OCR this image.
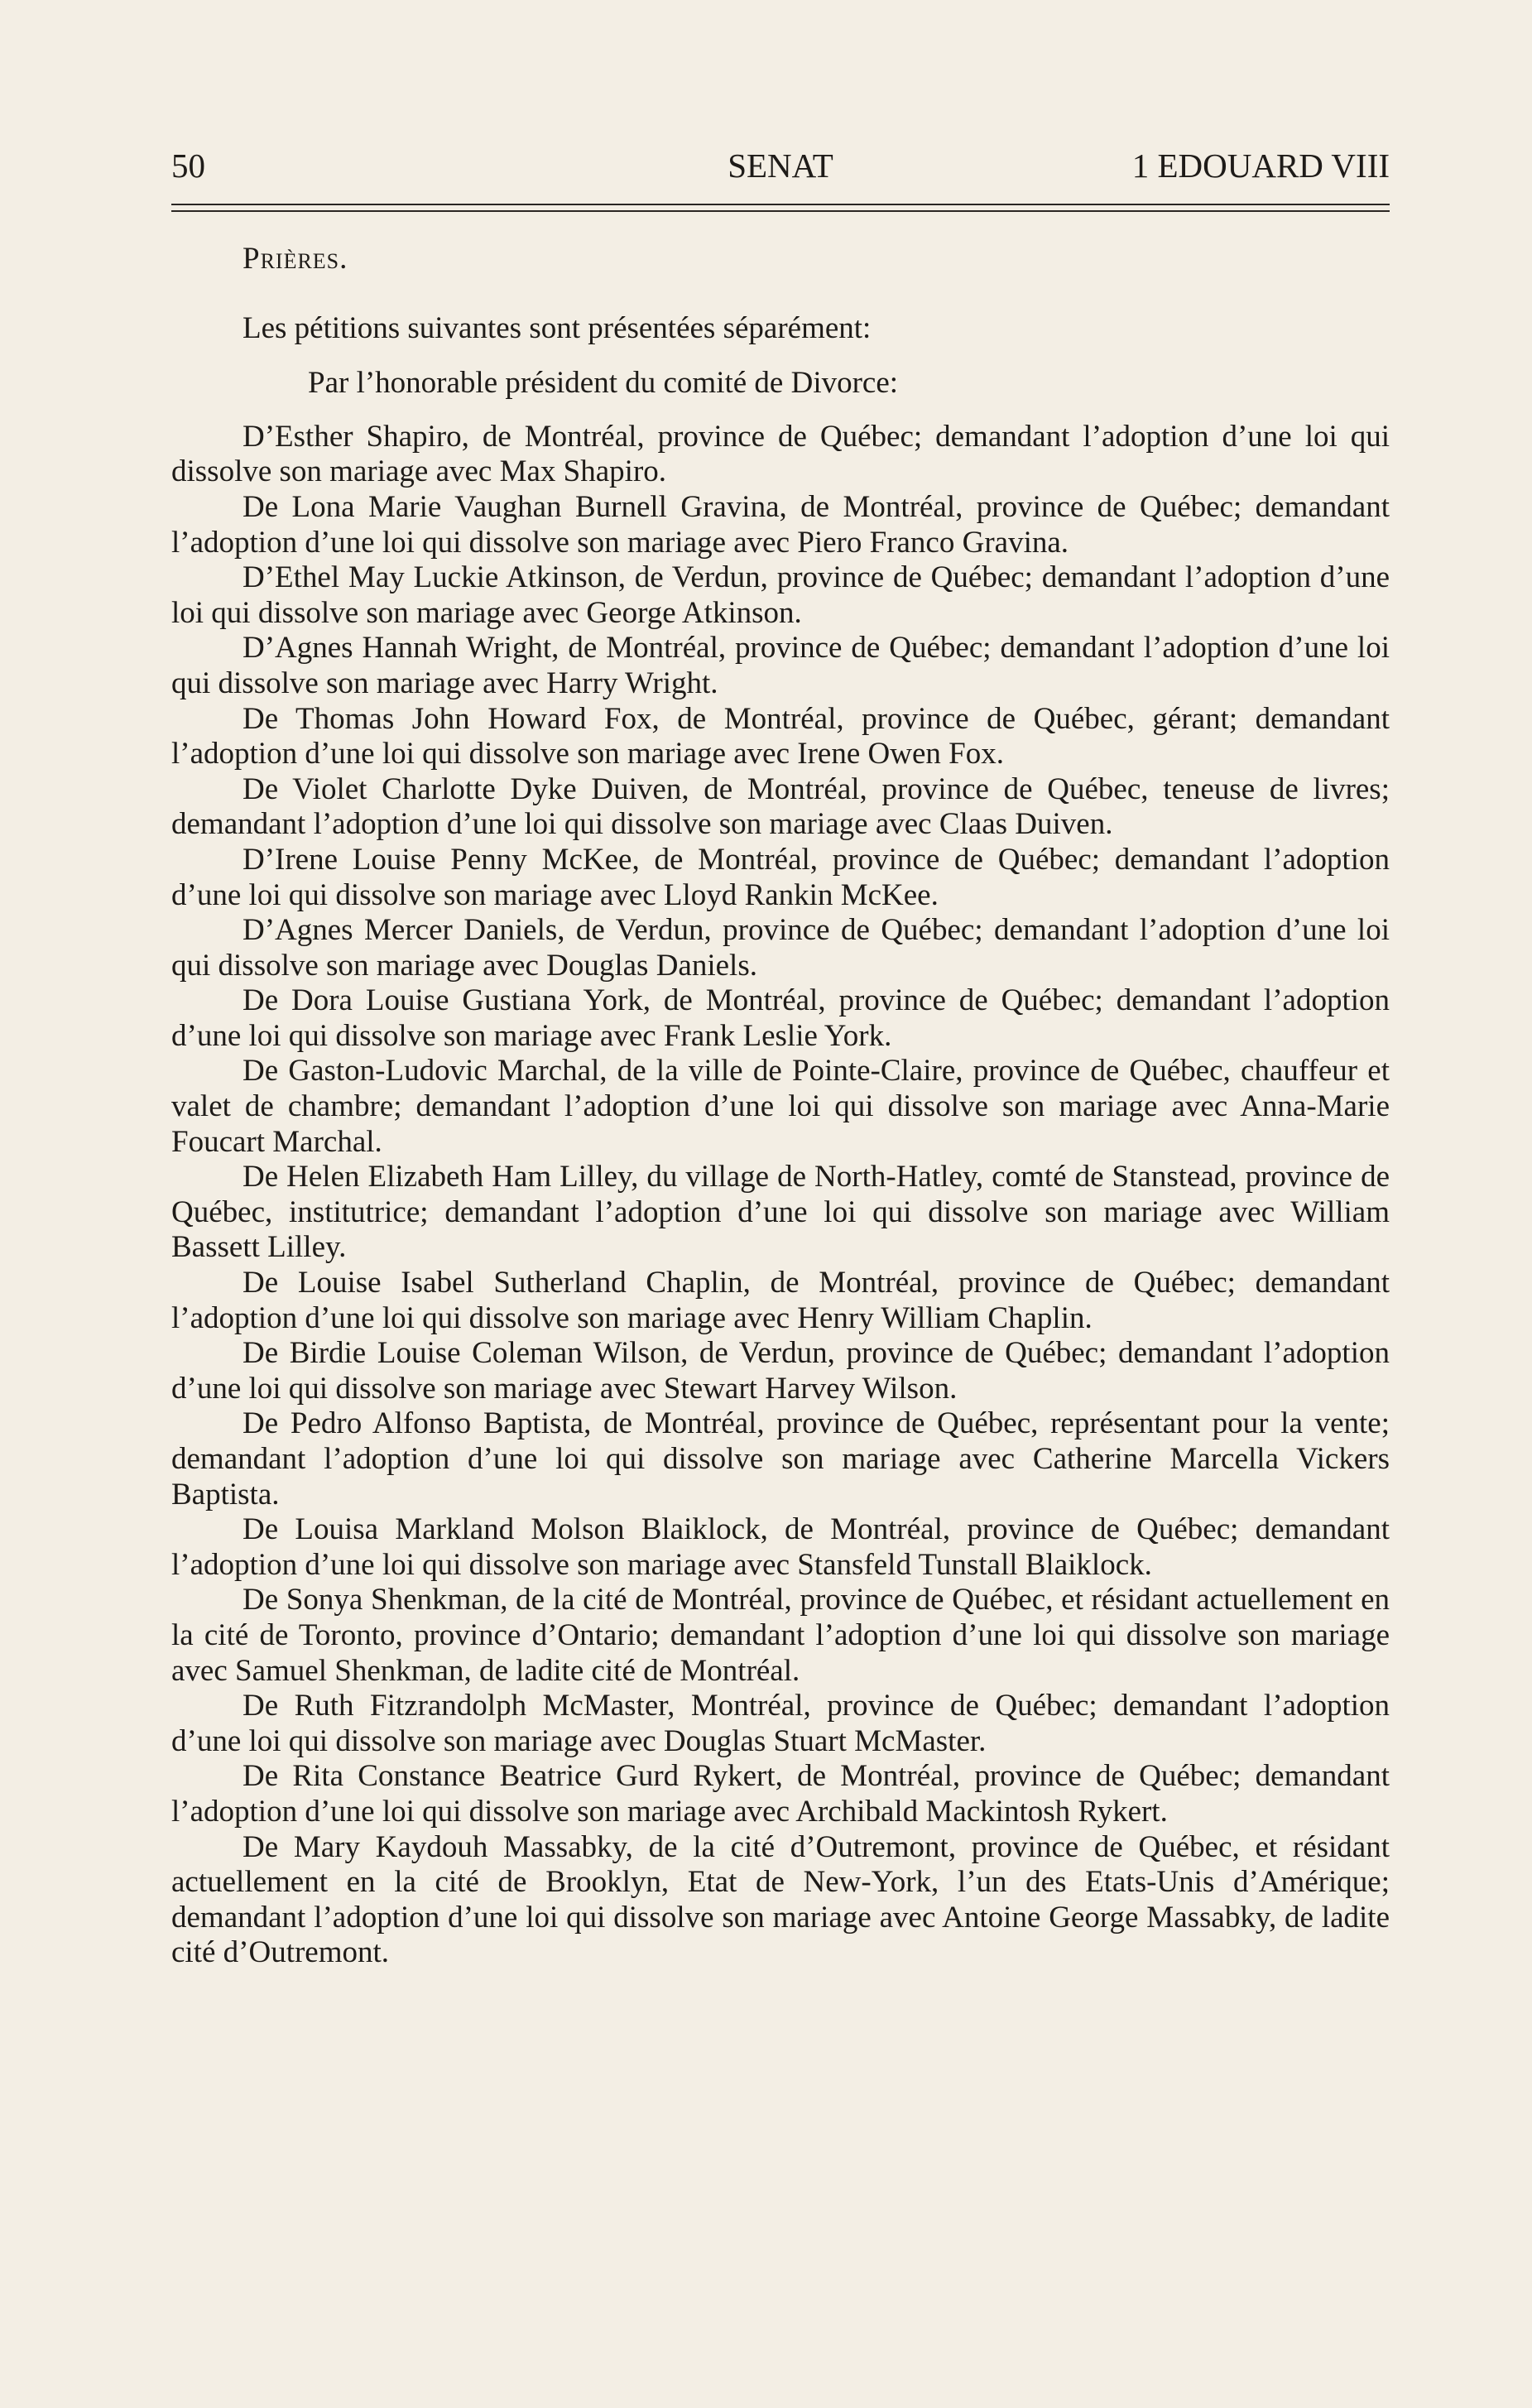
50	SENAT	1 EDOUARD VIII

Prières.

Les pétitions suivantes sont présentées séparément:

Par l’honorable président du comité de Divorce:

D’Esther Shapiro, de Montréal, province de Québec; demandant l’adoption d’une loi qui dissolve son mariage avec Max Shapiro.

De Lona Marie Vaughan Burnell Gravina, de Montréal, province de Québec; demandant l’adoption d’une loi qui dissolve son mariage avec Piero Franco Gravina.

D’Ethel May Luckie Atkinson, de Verdun, province de Québec; demandant l’adoption d’une loi qui dissolve son mariage avec George Atkinson.

D’Agnes Hannah Wright, de Montréal, province de Québec; demandant l’adoption d’une loi qui dissolve son mariage avec Harry Wright.

De Thomas John Howard Fox, de Montréal, province de Québec, gérant; demandant l’adoption d’une loi qui dissolve son mariage avec Irene Owen Fox.

De Violet Charlotte Dyke Duiven, de Montréal, province de Québec, teneuse de livres; demandant l’adoption d’une loi qui dissolve son mariage avec Claas Duiven.

D’Irene Louise Penny McKee, de Montréal, province de Québec; demandant l’adoption d’une loi qui dissolve son mariage avec Lloyd Rankin McKee.

D’Agnes Mercer Daniels, de Verdun, province de Québec; demandant l’adoption d’une loi qui dissolve son mariage avec Douglas Daniels.

De Dora Louise Gustiana York, de Montréal, province de Québec; demandant l’adoption d’une loi qui dissolve son mariage avec Frank Leslie York.

De Gaston-Ludovic Marchal, de la ville de Pointe-Claire, province de Québec, chauffeur et valet de chambre; demandant l’adoption d’une loi qui dissolve son mariage avec Anna-Marie Foucart Marchal.

De Helen Elizabeth Ham Lilley, du village de North-Hatley, comté de Stanstead, province de Québec, institutrice; demandant l’adoption d’une loi qui dissolve son mariage avec William Bassett Lilley.

De Louise Isabel Sutherland Chaplin, de Montréal, province de Québec; demandant l’adoption d’une loi qui dissolve son mariage avec Henry William Chaplin.

De Birdie Louise Coleman Wilson, de Verdun, province de Québec; demandant l’adoption d’une loi qui dissolve son mariage avec Stewart Harvey Wilson.

De Pedro Alfonso Baptista, de Montréal, province de Québec, représentant pour la vente; demandant l’adoption d’une loi qui dissolve son mariage avec Catherine Marcella Vickers Baptista.

De Louisa Markland Molson Blaiklock, de Montréal, province de Québec; demandant l’adoption d’une loi qui dissolve son mariage avec Stansfeld Tunstall Blaiklock.

De Sonya Shenkman, de la cité de Montréal, province de Québec, et résidant actuellement en la cité de Toronto, province d’Ontario; demandant l’adoption d’une loi qui dissolve son mariage avec Samuel Shenkman, de ladite cité de Montréal.

De Ruth Fitzrandolph McMaster, Montréal, province de Québec; demandant l’adoption d’une loi qui dissolve son mariage avec Douglas Stuart McMaster.

De Rita Constance Beatrice Gurd Rykert, de Montréal, province de Québec; demandant l’adoption d’une loi qui dissolve son mariage avec Archibald Mackintosh Rykert.

De Mary Kaydouh Massabky, de la cité d’Outremont, province de Québec, et résidant actuellement en la cité de Brooklyn, Etat de New-York, l’un des Etats-Unis d’Amérique; demandant l’adoption d’une loi qui dissolve son mariage avec Antoine George Massabky, de ladite cité d’Outremont.
